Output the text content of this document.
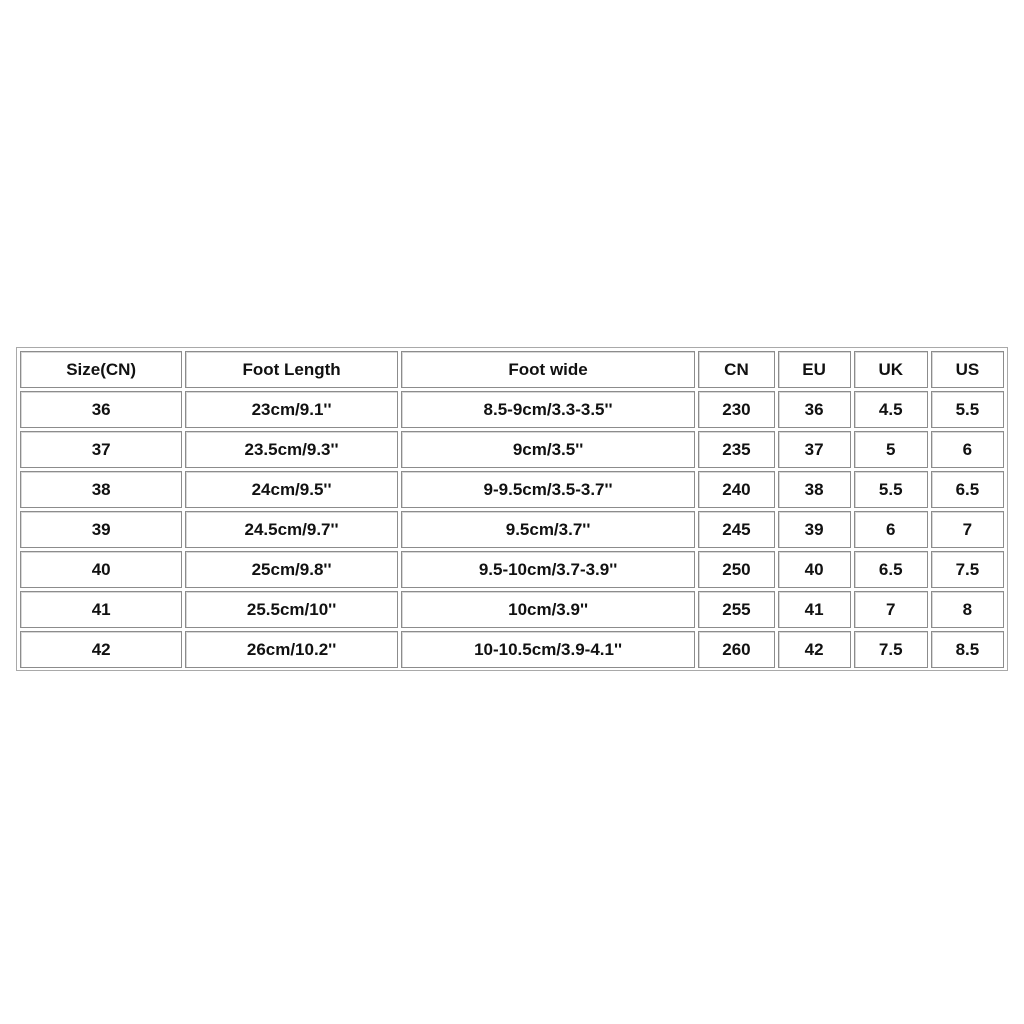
Size(CN)	Foot Length	Foot wide	CN	EU	UK	US
36	23cm/9.1''	8.5-9cm/3.3-3.5''	230	36	4.5	5.5
37	23.5cm/9.3''	9cm/3.5''	235	37	5	6
38	24cm/9.5''	9-9.5cm/3.5-3.7''	240	38	5.5	6.5
39	24.5cm/9.7''	9.5cm/3.7''	245	39	6	7
40	25cm/9.8''	9.5-10cm/3.7-3.9''	250	40	6.5	7.5
41	25.5cm/10''	10cm/3.9''	255	41	7	8
42	26cm/10.2''	10-10.5cm/3.9-4.1''	260	42	7.5	8.5
